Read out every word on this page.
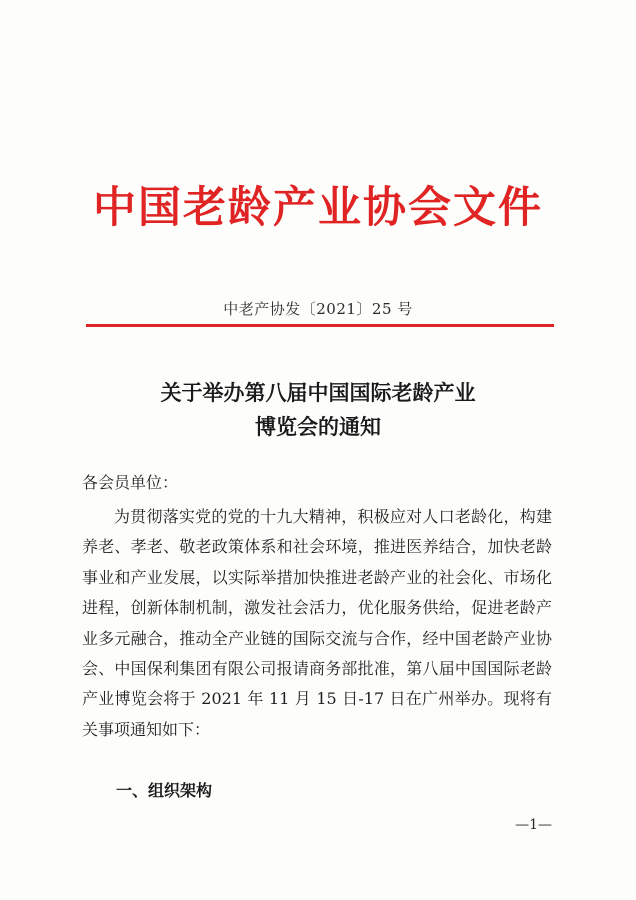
中国老龄产业协会文件
中老产协发〔2021〕25 号
关于举办第八届中国国际老龄产业
博览会的通知
各会员单位：

为贯彻落实党的党的十九大精神，积极应对人口老龄化，构建养老、孝老、敬老政策体系和社会环境，推进医养结合，加快老龄事业和产业发展，以实际举措加快推进老龄产业的社会化、市场化进程，创新体制机制，激发社会活力，优化服务供给，促进老龄产业多元融合，推动全产业链的国际交流与合作，经中国老龄产业协会、中国保利集团有限公司报请商务部批准，第八届中国国际老龄产业博览会将于 2021 年 11 月 15 日-17 日在广州举办。现将有关事项通知如下：

一、组织架构
—1—
